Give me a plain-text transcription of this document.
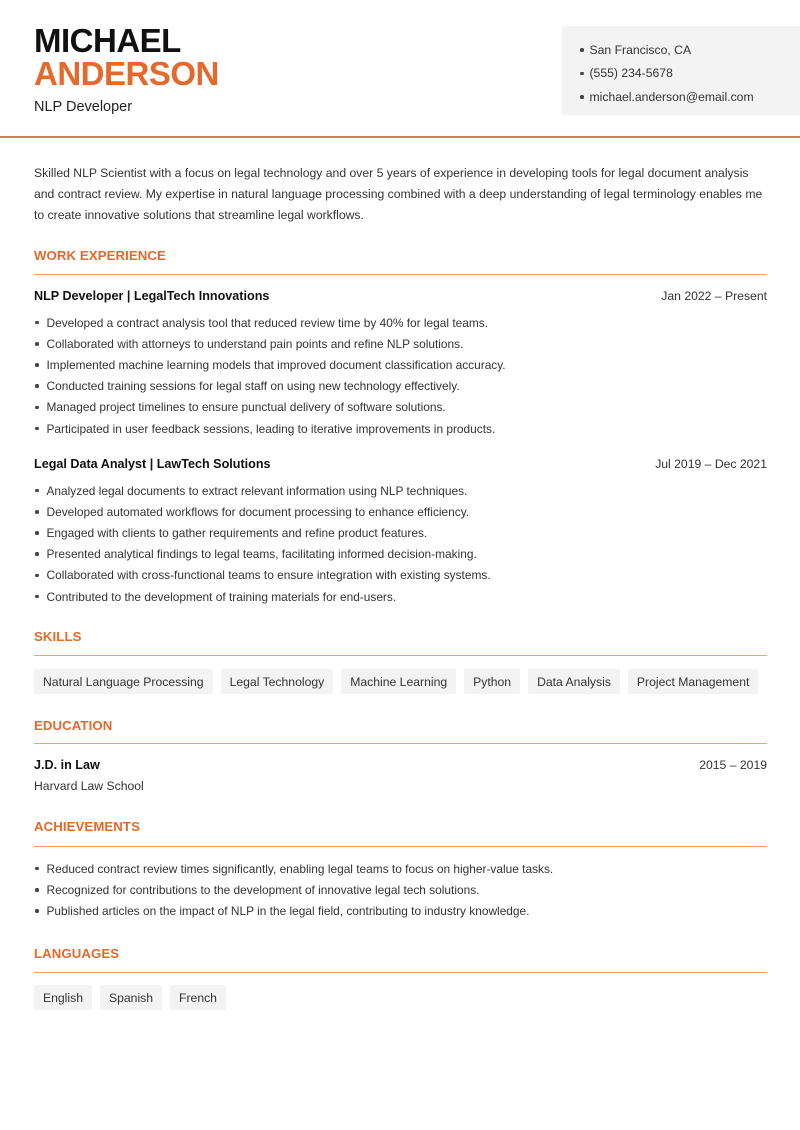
MICHAEL
ANDERSON
NLP Developer
San Francisco, CA
(555) 234-5678
michael.anderson@email.com

Skilled NLP Scientist with a focus on legal technology and over 5 years of experience in developing tools for legal document analysis and contract review. My expertise in natural language processing combined with a deep understanding of legal terminology enables me to create innovative solutions that streamline legal workflows.

WORK EXPERIENCE
NLP Developer | LegalTech Innovations	Jan 2022 – Present
Developed a contract analysis tool that reduced review time by 40% for legal teams.
Collaborated with attorneys to understand pain points and refine NLP solutions.
Implemented machine learning models that improved document classification accuracy.
Conducted training sessions for legal staff on using new technology effectively.
Managed project timelines to ensure punctual delivery of software solutions.
Participated in user feedback sessions, leading to iterative improvements in products.
Legal Data Analyst | LawTech Solutions	Jul 2019 – Dec 2021
Analyzed legal documents to extract relevant information using NLP techniques.
Developed automated workflows for document processing to enhance efficiency.
Engaged with clients to gather requirements and refine product features.
Presented analytical findings to legal teams, facilitating informed decision-making.
Collaborated with cross-functional teams to ensure integration with existing systems.
Contributed to the development of training materials for end-users.
SKILLS
Natural Language Processing	Legal Technology	Machine Learning	Python	Data Analysis	Project Management
EDUCATION
J.D. in Law	2015 – 2019
Harvard Law School
ACHIEVEMENTS
Reduced contract review times significantly, enabling legal teams to focus on higher-value tasks.
Recognized for contributions to the development of innovative legal tech solutions.
Published articles on the impact of NLP in the legal field, contributing to industry knowledge.
LANGUAGES
English	Spanish	French
